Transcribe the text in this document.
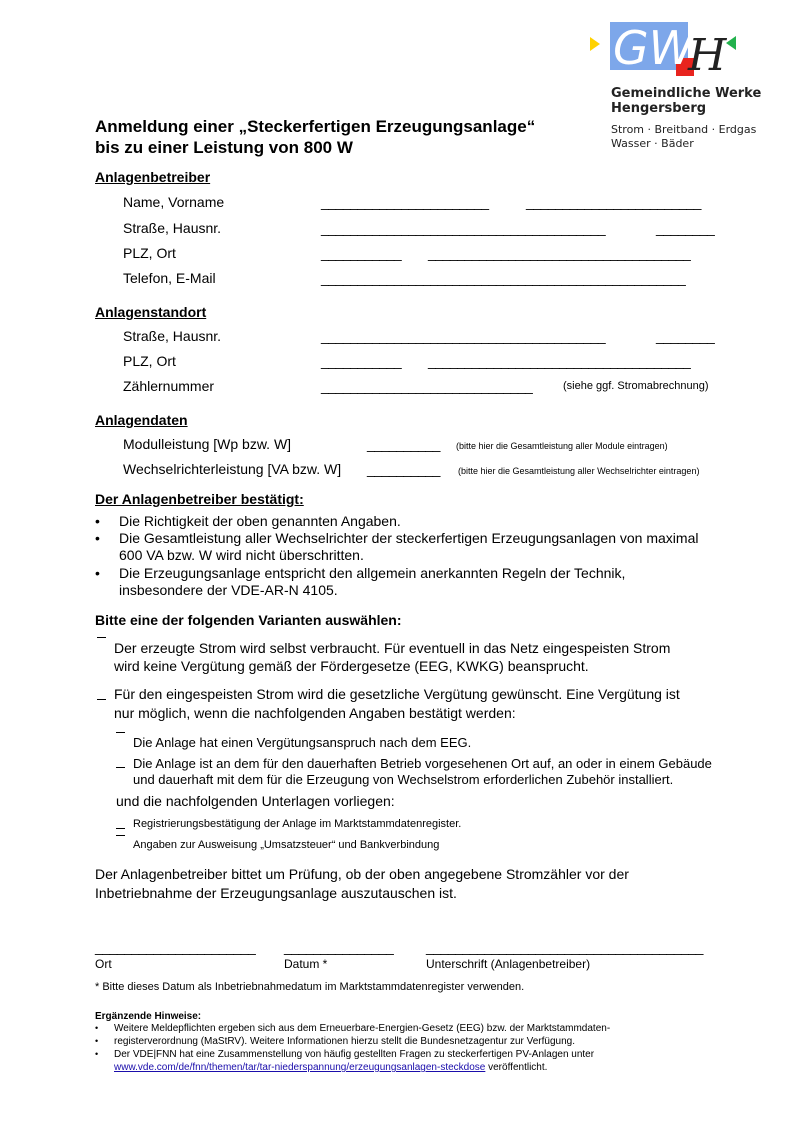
GW
H
Gemeindliche Werke
Hengersberg
Strom · Breitband · Erdgas
Wasser · Bäder
Anmeldung einer „Steckerfertigen Erzeugungsanlage“
bis zu einer Leistung von 800 W
Anlagenbetreiber
Name, Vorname	_______________________	________________________
Straße, Hausnr.	_______________________________________	________
PLZ, Ort	___________ ____________________________________
Telefon, E-Mail	__________________________________________________
Anlagenstandort
Straße, Hausnr.	_______________________________________	________
PLZ, Ort	___________ ____________________________________
Zählernummer	_____________________________	(siehe ggf. Stromabrechnung)
Anlagendaten
Modulleistung [Wp bzw. W]	__________ (bitte hier die Gesamtleistung aller Module eintragen)
Wechselrichterleistung [VA bzw. W] __________ (bitte hier die Gesamtleistung aller Wechselrichter eintragen)
Der Anlagenbetreiber bestätigt:
• Die Richtigkeit der oben genannten Angaben.
• Die Gesamtleistung aller Wechselrichter der steckerfertigen Erzeugungsanlagen von maximal
600 VA bzw. W wird nicht überschritten.
• Die Erzeugungsanlage entspricht den allgemein anerkannten Regeln der Technik,
insbesondere der VDE-AR-N 4105.
Bitte eine der folgenden Varianten auswählen:
Der erzeugte Strom wird selbst verbraucht. Für eventuell in das Netz eingespeisten Strom
wird keine Vergütung gemäß der Fördergesetze (EEG, KWKG) beansprucht.
Für den eingespeisten Strom wird die gesetzliche Vergütung gewünscht. Eine Vergütung ist
nur möglich, wenn die nachfolgenden Angaben bestätigt werden:
Die Anlage hat einen Vergütungsanspruch nach dem EEG.
Die Anlage ist an dem für den dauerhaften Betrieb vorgesehenen Ort auf, an oder in einem Gebäude
und dauerhaft mit dem für die Erzeugung von Wechselstrom erforderlichen Zubehör installiert.
und die nachfolgenden Unterlagen vorliegen:
Registrierungsbestätigung der Anlage im Marktstammdatenregister.
Angaben zur Ausweisung „Umsatzsteuer“ und Bankverbindung
Der Anlagenbetreiber bittet um Prüfung, ob der oben angegebene Stromzähler vor der
Inbetriebnahme der Erzeugungsanlage auszutauschen ist.
______________________ _______________ ______________________________________
Ort	Datum *	Unterschrift (Anlagenbetreiber)
* Bitte dieses Datum als Inbetriebnahmedatum im Marktstammdatenregister verwenden.
Ergänzende Hinweise:
• Weitere Meldepflichten ergeben sich aus dem Erneuerbare-Energien-Gesetz (EEG) bzw. der Marktstammdaten-
• registerverordnung (MaStRV). Weitere Informationen hierzu stellt die Bundesnetzagentur zur Verfügung.
• Der VDE|FNN hat eine Zusammenstellung von häufig gestellten Fragen zu steckerfertigen PV-Anlagen unter
www.vde.com/de/fnn/themen/tar/tar-niederspannung/erzeugungsanlagen-steckdose veröffentlicht.
